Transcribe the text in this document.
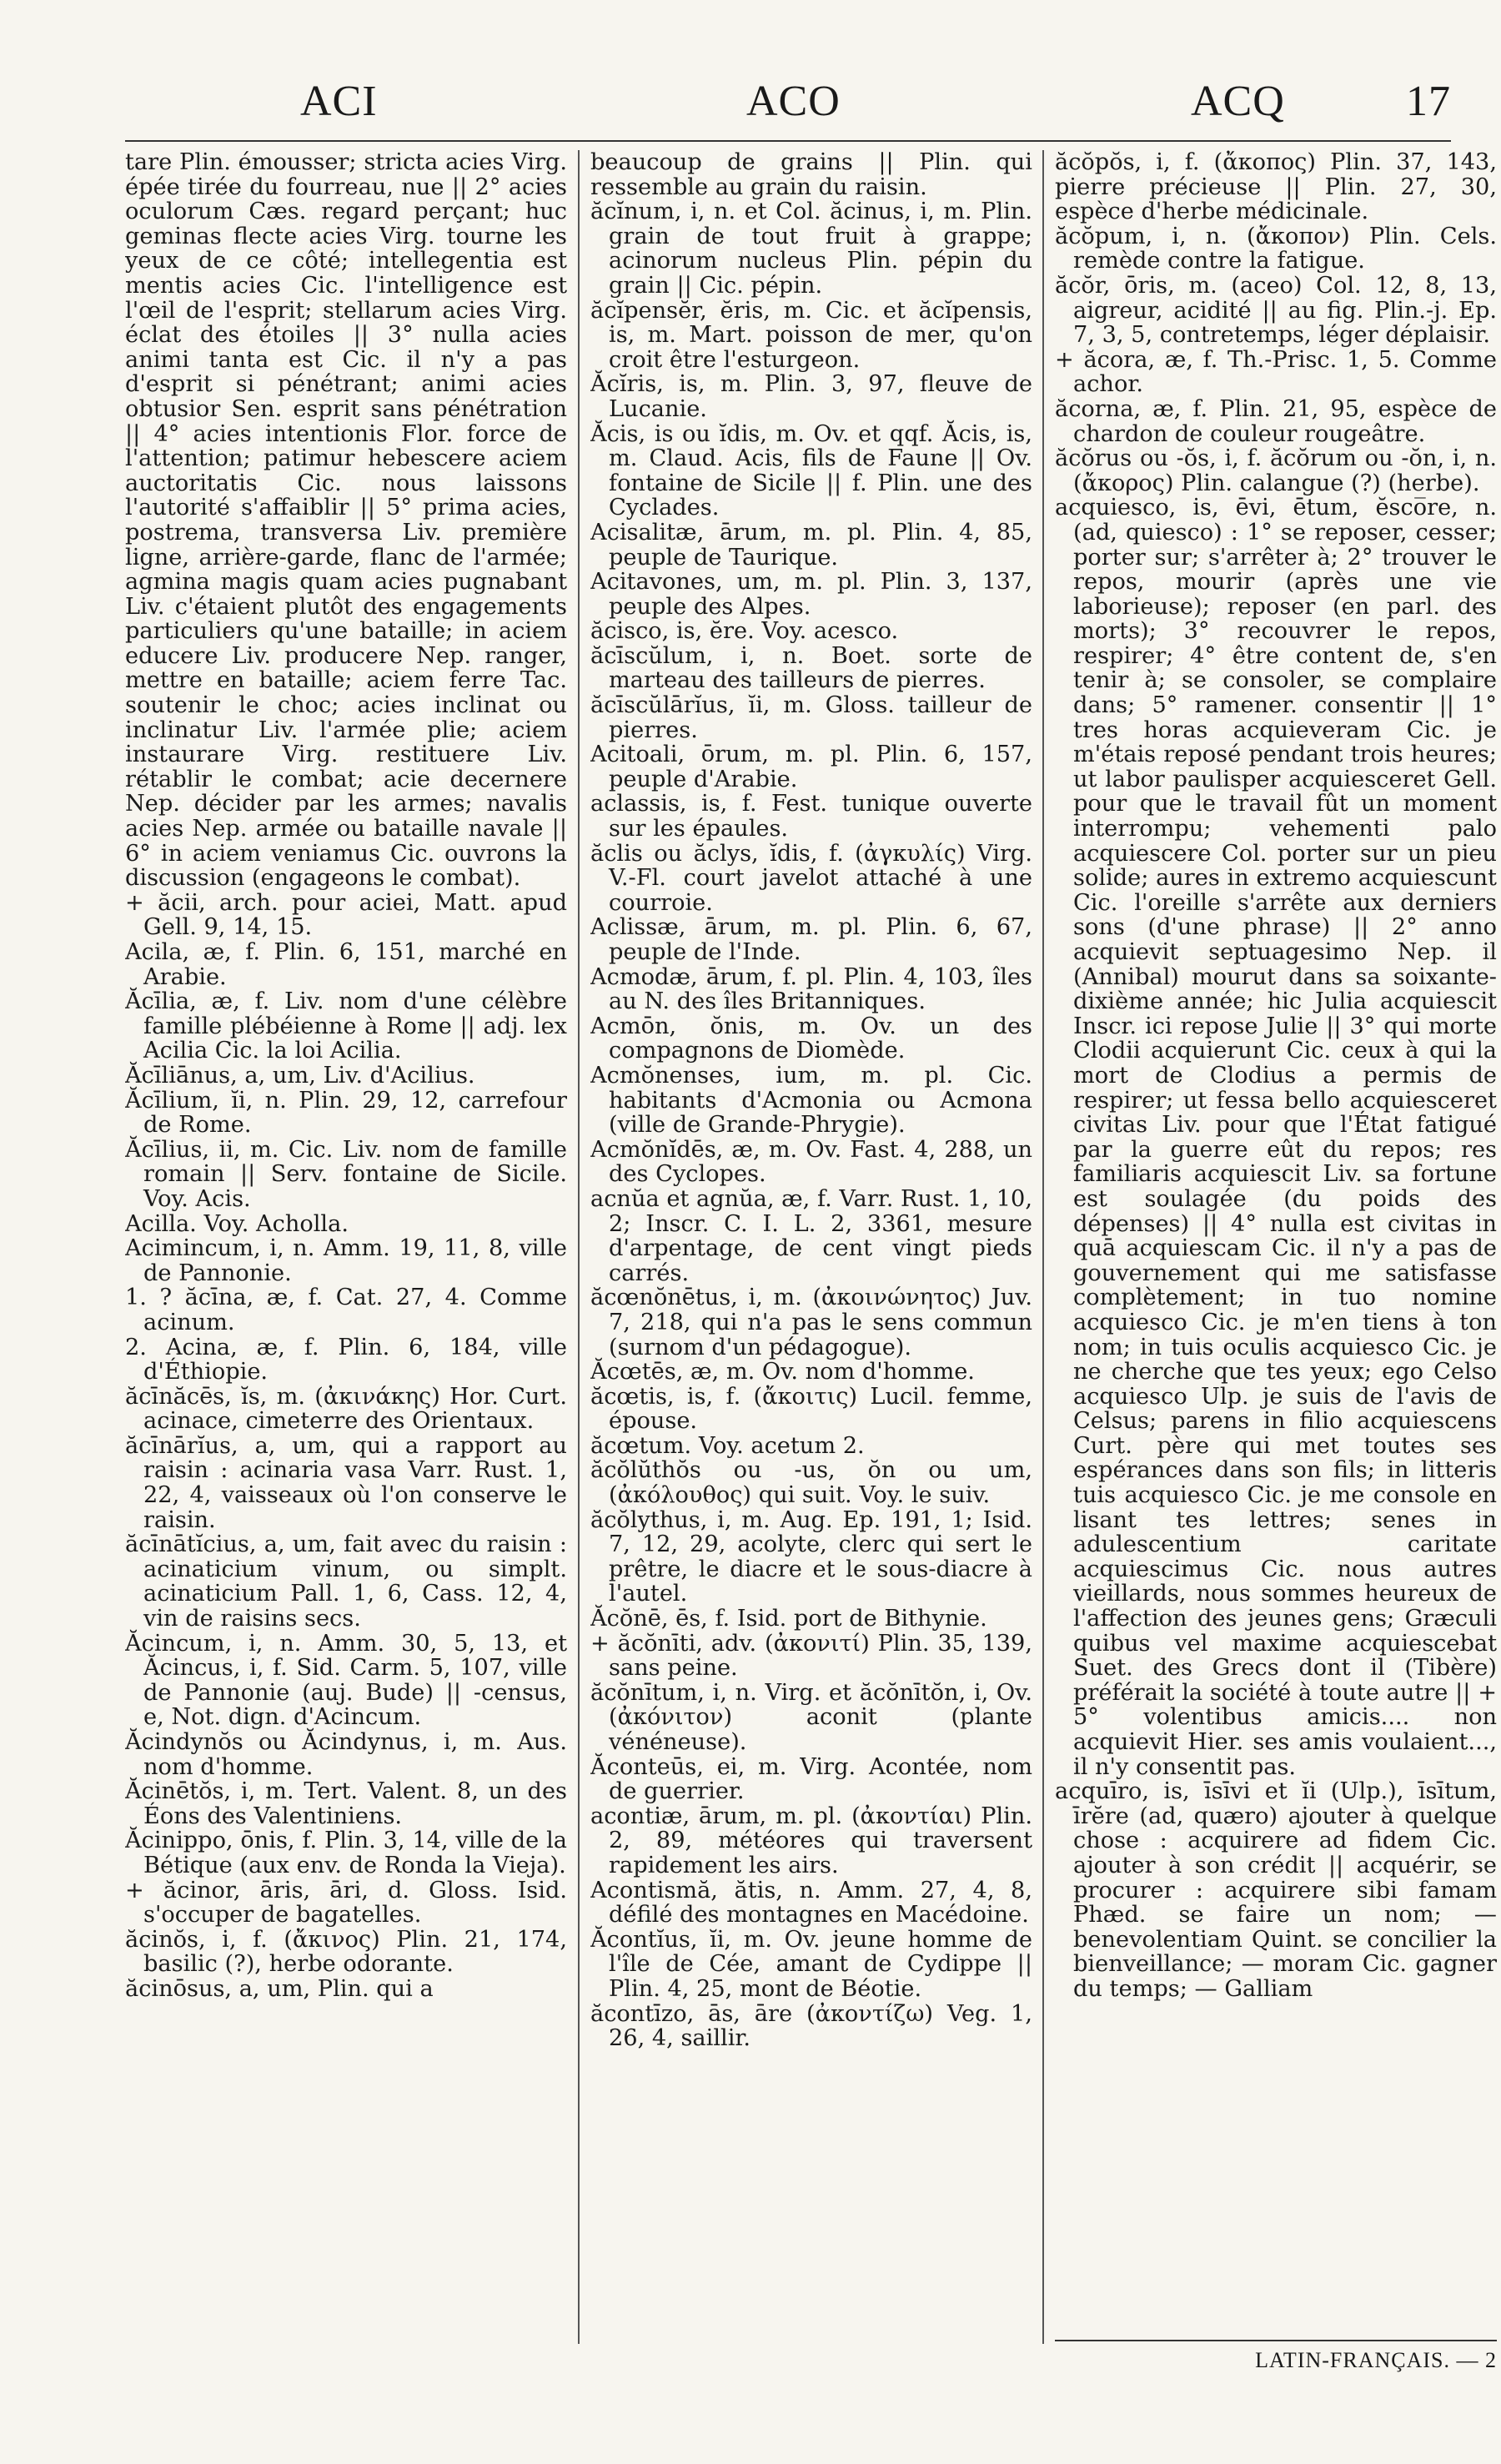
ACI	ACO	ACQ	17

tare Plin. émousser; stricta acies Virg. épée tirée du fourreau, nue || 2° acies oculorum Cæs. regard perçant; huc geminas flecte acies Virg. tourne les yeux de ce côté; intellegentia est mentis acies Cic. l'intelligence est l'œil de l'esprit; stellarum acies Virg. éclat des étoiles || 3° nulla acies animi tanta est Cic. il n'y a pas d'esprit si pénétrant; animi acies obtusior Sen. esprit sans pénétration || 4° acies intentionis Flor. force de l'attention; patimur hebescere aciem auctoritatis Cic. nous laissons l'autorité s'affaiblir || 5° prima acies, postrema, transversa Liv. première ligne, arrière-garde, flanc de l'armée; agmina magis quam acies pugnabant Liv. c'étaient plutôt des engagements particuliers qu'une bataille; in aciem educere Liv. producere Nep. ranger, mettre en bataille; aciem ferre Tac. soutenir le choc; acies inclinat ou inclinatur Liv. l'armée plie; aciem instaurare Virg. restituere Liv. rétablir le combat; acie decernere Nep. décider par les armes; navalis acies Nep. armée ou bataille navale || 6° in aciem veniamus Cic. ouvrons la discussion (engageons le combat).

+ ăcii, arch. pour aciei, Matt. apud Gell. 9, 14, 15.

Acila, æ, f. Plin. 6, 151, marché en Arabie.

Ăcīlia, æ, f. Liv. nom d'une célèbre famille plébéienne à Rome || adj. lex Acilia Cic. la loi Acilia.

Ăcīliānus, a, um, Liv. d'Acilius.

Ăcīlium, ĭi, n. Plin. 29, 12, carrefour de Rome.

Ăcīlius, ii, m. Cic. Liv. nom de famille romain || Serv. fontaine de Sicile. Voy. Acis.

Acilla. Voy. Acholla.

Acimincum, i, n. Amm. 19, 11, 8, ville de Pannonie.

1. ? ăcīna, æ, f. Cat. 27, 4. Comme acinum.

2. Acina, æ, f. Plin. 6, 184, ville d'Éthiopie.

ăcīnăcēs, ĭs, m. (ἀκινάκης) Hor. Curt. acinace, cimeterre des Orientaux.

ăcīnārĭus, a, um, qui a rapport au raisin : acinaria vasa Varr. Rust. 1, 22, 4, vaisseaux où l'on conserve le raisin.

ăcīnātĭcius, a, um, fait avec du raisin : acinaticium vinum, ou simplt. acinaticium Pall. 1, 6, Cass. 12, 4, vin de raisins secs.

Ăcincum, i, n. Amm. 30, 5, 13, et Ăcincus, i, f. Sid. Carm. 5, 107, ville de Pannonie (auj. Bude) || -census, e, Not. dign. d'Acincum.

Ăcindynŏs ou Ăcindynus, i, m. Aus. nom d'homme.

Ăcinētŏs, i, m. Tert. Valent. 8, un des Éons des Valentiniens.

Ăcinippo, ōnis, f. Plin. 3, 14, ville de la Bétique (aux env. de Ronda la Vieja).

+ ăcinor, āris, āri, d. Gloss. Isid. s'occuper de bagatelles.

ăcinŏs, i, f. (ἄκινος) Plin. 21, 174, basilic (?), herbe odorante.

ăcinōsus, a, um, Plin. qui a

beaucoup de grains || Plin. qui ressemble au grain du raisin.

ăcĭnum, i, n. et Col. ăcinus, i, m. Plin. grain de tout fruit à grappe; acinorum nucleus Plin. pépin du grain || Cic. pépin.

ăcĭpensĕr, ĕris, m. Cic. et ăcĭpensis, is, m. Mart. poisson de mer, qu'on croit être l'esturgeon.

Ăcĭris, is, m. Plin. 3, 97, fleuve de Lucanie.

Ăcis, is ou ĭdis, m. Ov. et qqf. Ăcis, is, m. Claud. Acis, fils de Faune || Ov. fontaine de Sicile || f. Plin. une des Cyclades.

Acisalitæ, ārum, m. pl. Plin. 4, 85, peuple de Taurique.

Acitavones, um, m. pl. Plin. 3, 137, peuple des Alpes.

ăcisco, is, ĕre. Voy. acesco.

ăcīscŭlum, i, n. Boet. sorte de marteau des tailleurs de pierres.

ăcīscŭlārĭus, ĭi, m. Gloss. tailleur de pierres.

Acitoali, ōrum, m. pl. Plin. 6, 157, peuple d'Arabie.

aclassis, is, f. Fest. tunique ouverte sur les épaules.

ăclis ou ăclys, ĭdis, f. (ἀγκυλίς) Virg. V.-Fl. court javelot attaché à une courroie.

Aclissæ, ārum, m. pl. Plin. 6, 67, peuple de l'Inde.

Acmodæ, ārum, f. pl. Plin. 4, 103, îles au N. des îles Britanniques.

Acmōn, ŏnis, m. Ov. un des compagnons de Diomède.

Acmŏnenses, ium, m. pl. Cic. habitants d'Acmonia ou Acmona (ville de Grande-Phrygie).

Acmŏnĭdēs, æ, m. Ov. Fast. 4, 288, un des Cyclopes.

acnŭa et agnŭa, æ, f. Varr. Rust. 1, 10, 2; Inscr. C. I. L. 2, 3361, mesure d'arpentage, de cent vingt pieds carrés.

ăcœnŏnētus, i, m. (ἀκοινώνητος) Juv. 7, 218, qui n'a pas le sens commun (surnom d'un pédagogue).

Ăcœtēs, æ, m. Ov. nom d'homme.

ăcœtis, is, f. (ἄκοιτις) Lucil. femme, épouse.

ăcœtum. Voy. acetum 2.

ăcŏlŭthŏs ou -us, ŏn ou um, (ἀκόλουθος) qui suit. Voy. le suiv.

ăcŏlythus, i, m. Aug. Ep. 191, 1; Isid. 7, 12, 29, acolyte, clerc qui sert le prêtre, le diacre et le sous-diacre à l'autel.

Ăcŏnē, ēs, f. Isid. port de Bithynie.

+ ăcŏnīti, adv. (ἀκονιτί) Plin. 35, 139, sans peine.

ăcŏnītum, i, n. Virg. et ăcŏnītŏn, i, Ov. (ἀκόνιτον) aconit (plante vénéneuse).

Ăconteūs, ei, m. Virg. Acontée, nom de guerrier.

acontiæ, ārum, m. pl. (ἀκοντίαι) Plin. 2, 89, météores qui traversent rapidement les airs.

Acontismă, ătis, n. Amm. 27, 4, 8, défilé des montagnes en Macédoine.

Ăcontĭus, ĭi, m. Ov. jeune homme de l'île de Cée, amant de Cydippe || Plin. 4, 25, mont de Béotie.

ăcontīzo, ās, āre (ἀκοντίζω) Veg. 1, 26, 4, saillir.

ăcŏpŏs, i, f. (ἄκοπος) Plin. 37, 143, pierre précieuse || Plin. 27, 30, espèce d'herbe médicinale.

ăcŏpum, i, n. (ἄκοπον) Plin. Cels. remède contre la fatigue.

ăcŏr, ōris, m. (aceo) Col. 12, 8, 13, aigreur, acidité || au fig. Plin.-j. Ep. 7, 3, 5, contretemps, léger déplaisir.

+ ăcora, æ, f. Th.-Prisc. 1, 5. Comme achor.

ăcorna, æ, f. Plin. 21, 95, espèce de chardon de couleur rougeâtre.

ăcŏrus ou -ŏs, i, f. ăcŏrum ou -ŏn, i, n. (ἄκορος) Plin. calangue (?) (herbe).

acquiesco, is, ēvi, ētum, ĕsco̅re, n. (ad, quiesco) : 1° se reposer, cesser; porter sur; s'arrêter à; 2° trouver le repos, mourir (après une vie laborieuse); reposer (en parl. des morts); 3° recouvrer le repos, respirer; 4° être content de, s'en tenir à; se consoler, se complaire dans; 5° ramener. consentir || 1° tres horas acquieveram Cic. je m'étais reposé pendant trois heures; ut labor paulisper acquiesceret Gell. pour que le travail fût un moment interrompu; vehementi palo acquiescere Col. porter sur un pieu solide; aures in extremo acquiescunt Cic. l'oreille s'arrête aux derniers sons (d'une phrase) || 2° anno acquievit septuagesimo Nep. il (Annibal) mourut dans sa soixante-dixième année; hic Julia acquiescit Inscr. ici repose Julie || 3° qui morte Clodii acquierunt Cic. ceux à qui la mort de Clodius a permis de respirer; ut fessa bello acquiesceret civitas Liv. pour que l'État fatigué par la guerre eût du repos; res familiaris acquiescit Liv. sa fortune est soulagée (du poids des dépenses) || 4° nulla est civitas in quā acquiescam Cic. il n'y a pas de gouvernement qui me satisfasse complètement; in tuo nomine acquiesco Cic. je m'en tiens à ton nom; in tuis oculis acquiesco Cic. je ne cherche que tes yeux; ego Celso acquiesco Ulp. je suis de l'avis de Celsus; parens in filio acquiescens Curt. père qui met toutes ses espérances dans son fils; in litteris tuis acquiesco Cic. je me console en lisant tes lettres; senes in adulescentium caritate acquiescimus Cic. nous autres vieillards, nous sommes heureux de l'affection des jeunes gens; Græculi quibus vel maxime acquiescebat Suet. des Grecs dont il (Tibère) préférait la société à toute autre || + 5° volentibus amicis.... non acquievit Hier. ses amis voulaient..., il n'y consentit pas.

acquīro, is, īsīvi et ĭi (Ulp.), īsītum, īrĕre (ad, quæro) ajouter à quelque chose : acquirere ad fidem Cic. ajouter à son crédit || acquérir, se procurer : acquirere sibi famam Phæd. se faire un nom; — benevolentiam Quint. se concilier la bienveillance; — moram Cic. gagner du temps; — Galliam

LATIN-FRANÇAIS. — 2
